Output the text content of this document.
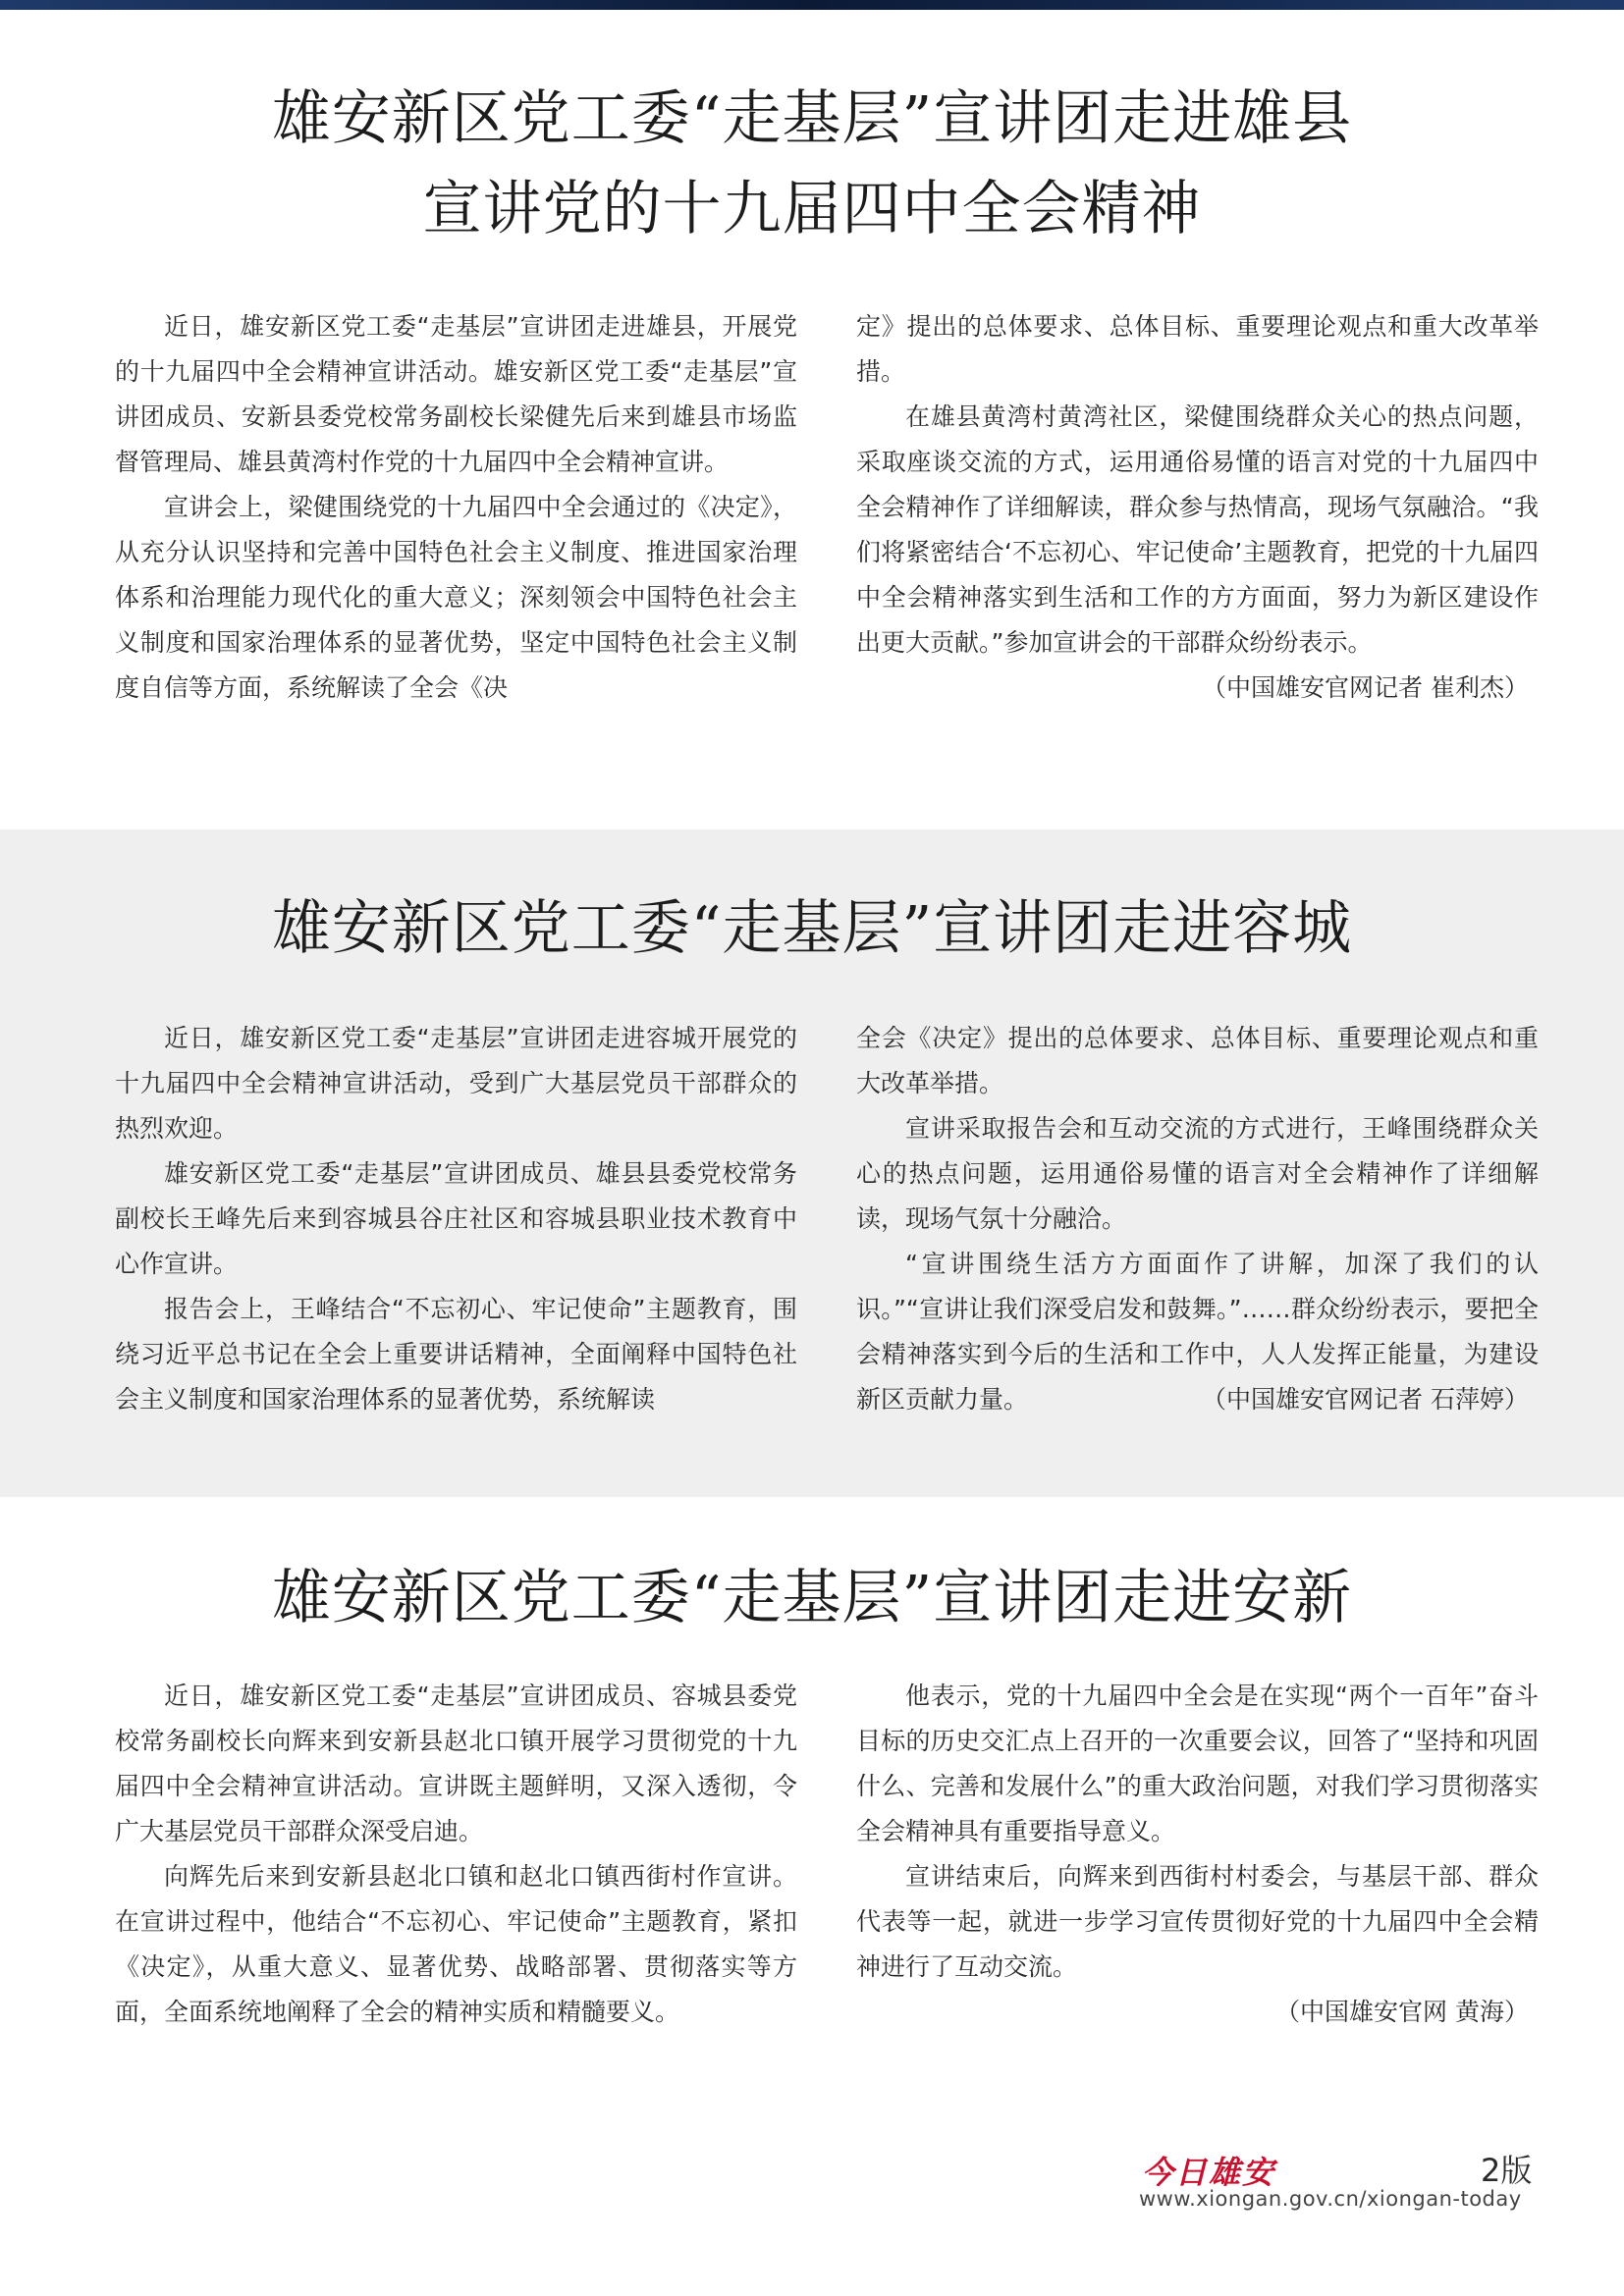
雄安新区党工委“走基层”宣讲团走进雄县
宣讲党的十九届四中全会精神

近日，雄安新区党工委“走基层”宣讲团走进雄县，开展党的十九届四中全会精神宣讲活动。雄安新区党工委“走基层”宣讲团成员、安新县委党校常务副校长梁健先后来到雄县市场监督管理局、雄县黄湾村作党的十九届四中全会精神宣讲。

宣讲会上，梁健围绕党的十九届四中全会通过的《决定》，从充分认识坚持和完善中国特色社会主义制度、推进国家治理体系和治理能力现代化的重大意义；深刻领会中国特色社会主义制度和国家治理体系的显著优势，坚定中国特色社会主义制度自信等方面，系统解读了全会《决

定》提出的总体要求、总体目标、重要理论观点和重大改革举措。

在雄县黄湾村黄湾社区，梁健围绕群众关心的热点问题，采取座谈交流的方式，运用通俗易懂的语言对党的十九届四中全会精神作了详细解读，群众参与热情高，现场气氛融洽。“我们将紧密结合‘不忘初心、牢记使命’主题教育，把党的十九届四中全会精神落实到生活和工作的方方面面，努力为新区建设作出更大贡献。”参加宣讲会的干部群众纷纷表示。

（中国雄安官网记者 崔利杰）

雄安新区党工委“走基层”宣讲团走进容城

近日，雄安新区党工委“走基层”宣讲团走进容城开展党的十九届四中全会精神宣讲活动，受到广大基层党员干部群众的热烈欢迎。

雄安新区党工委“走基层”宣讲团成员、雄县县委党校常务副校长王峰先后来到容城县谷庄社区和容城县职业技术教育中心作宣讲。

报告会上，王峰结合“不忘初心、牢记使命”主题教育，围绕习近平总书记在全会上重要讲话精神，全面阐释中国特色社会主义制度和国家治理体系的显著优势，系统解读

全会《决定》提出的总体要求、总体目标、重要理论观点和重大改革举措。

宣讲采取报告会和互动交流的方式进行，王峰围绕群众关心的热点问题，运用通俗易懂的语言对全会精神作了详细解读，现场气氛十分融洽。

“宣讲围绕生活方方面面作了讲解，加深了我们的认识。”“宣讲让我们深受启发和鼓舞。”……群众纷纷表示，要把全会精神落实到今后的生活和工作中，人人发挥正能量，为建设新区贡献力量。	（中国雄安官网记者 石萍婷）

雄安新区党工委“走基层”宣讲团走进安新

近日，雄安新区党工委“走基层”宣讲团成员、容城县委党校常务副校长向辉来到安新县赵北口镇开展学习贯彻党的十九届四中全会精神宣讲活动。宣讲既主题鲜明，又深入透彻，令广大基层党员干部群众深受启迪。

向辉先后来到安新县赵北口镇和赵北口镇西街村作宣讲。在宣讲过程中，他结合“不忘初心、牢记使命”主题教育，紧扣《决定》，从重大意义、显著优势、战略部署、贯彻落实等方面，全面系统地阐释了全会的精神实质和精髓要义。

他表示，党的十九届四中全会是在实现“两个一百年”奋斗目标的历史交汇点上召开的一次重要会议，回答了“坚持和巩固什么、完善和发展什么”的重大政治问题，对我们学习贯彻落实全会精神具有重要指导意义。

宣讲结束后，向辉来到西街村村委会，与基层干部、群众代表等一起，就进一步学习宣传贯彻好党的十九届四中全会精神进行了互动交流。

（中国雄安官网 黄海）

今日雄安	2版
www.xiongan.gov.cn/xiongan-today
